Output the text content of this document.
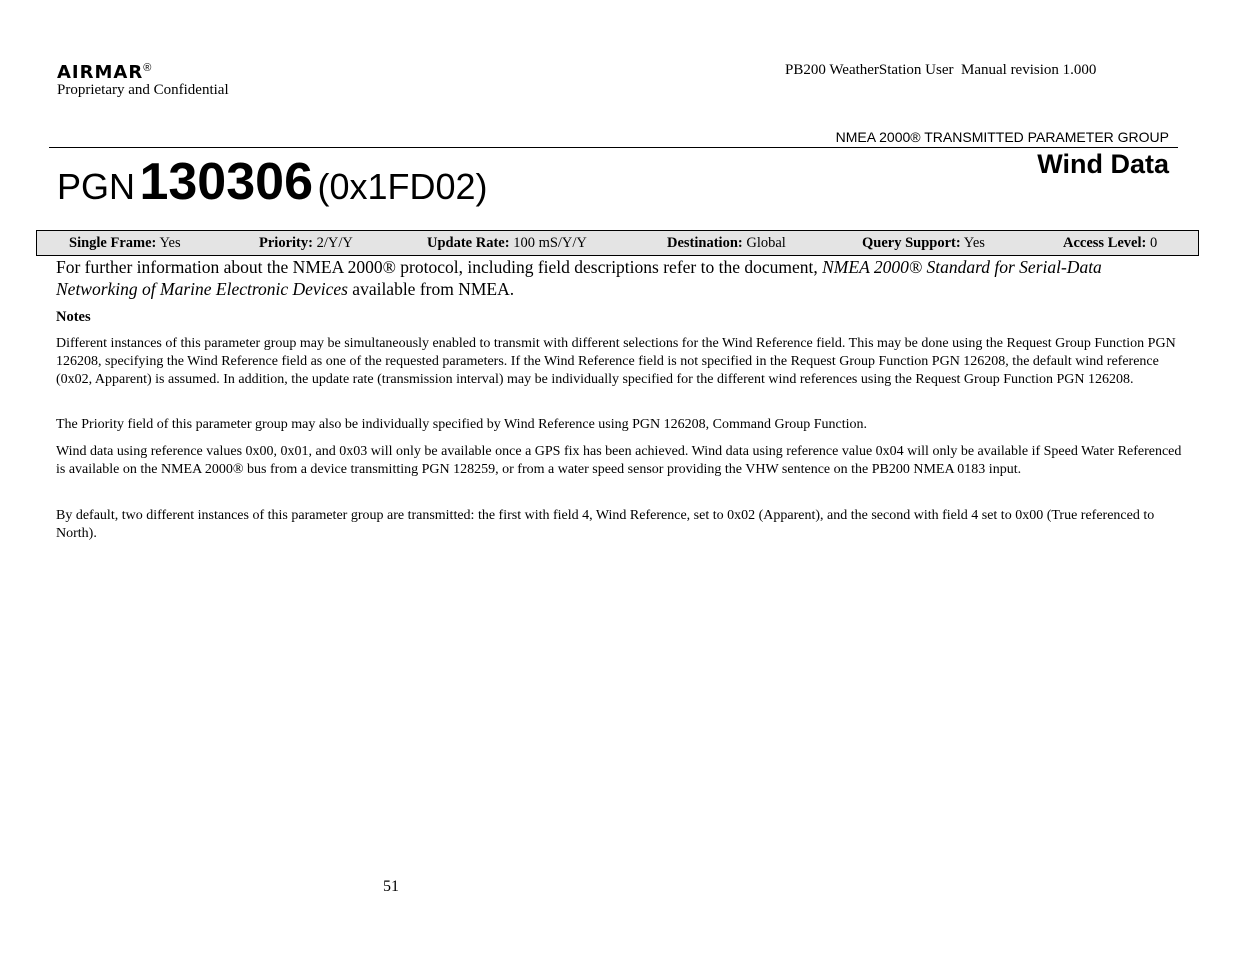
AIRMAR®
Proprietary and Confidential
PB200 WeatherStation User  Manual revision 1.000
NMEA 2000® TRANSMITTED PARAMETER GROUP
PGN 130306 (0x1FD02)
Wind Data
Single Frame: Yes	Priority: 2/Y/Y	Update Rate: 100 mS/Y/Y	Destination: Global	Query Support: Yes	Access Level: 0
For further information about the NMEA 2000® protocol, including field descriptions refer to the document, NMEA 2000® Standard for Serial-Data Networking of Marine Electronic Devices available from NMEA.
Notes
Different instances of this parameter group may be simultaneously enabled to transmit with different selections for the Wind Reference field. This may be done using the Request Group Function PGN 126208, specifying the Wind Reference field as one of the requested parameters. If the Wind Reference field is not specified in the Request Group Function PGN 126208, the default wind reference (0x02, Apparent) is assumed. In addition, the update rate (transmission interval) may be individually specified for the different wind references using the Request Group Function PGN 126208.
The Priority field of this parameter group may also be individually specified by Wind Reference using PGN 126208, Command Group Function.
Wind data using reference values 0x00, 0x01, and 0x03 will only be available once a GPS fix has been achieved. Wind data using reference value 0x04 will only be available if Speed Water Referenced is available on the NMEA 2000® bus from a device transmitting PGN 128259, or from a water speed sensor providing the VHW sentence on the PB200 NMEA 0183 input.
By default, two different instances of this parameter group are transmitted: the first with field 4, Wind Reference, set to 0x02 (Apparent), and the second with field 4 set to 0x00 (True referenced to North).
51
